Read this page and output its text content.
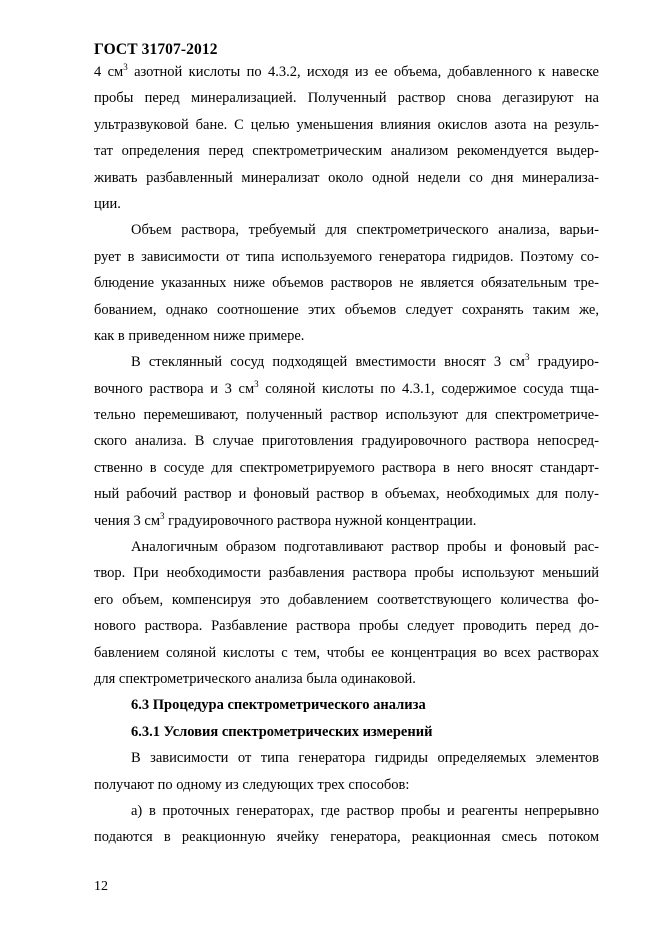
ГОСТ 31707-2012
4 $см^3$ азотной кислоты по 4.3.2, исходя из ее объема, добавленного к навеске
пробы перед минерализацией. Полученный раствор снова дегазируют на
ультразвуковой бане. С целью уменьшения влияния окислов азота на резуль-
тат определения перед спектрометрическим анализом рекомендуется выдер-
живать разбавленный минерализат около одной недели со дня минерализа-
ции.
Объем раствора, требуемый для спектрометрического анализа, варьи-
рует в зависимости от типа используемого генератора гидридов. Поэтому со-
блюдение указанных ниже объемов растворов не является обязательным тре-
бованием, однако соотношение этих объемов следует сохранять таким же,
как в приведенном ниже примере.
В стеклянный сосуд подходящей вместимости вносят 3 $см^3$ градуиро-
вочного раствора и 3 $см^3$ соляной кислоты по 4.3.1, содержимое сосуда тща-
тельно перемешивают, полученный раствор используют для спектрометриче-
ского анализа. В случае приготовления градуировочного раствора непосред-
ственно в сосуде для спектрометрируемого раствора в него вносят стандарт-
ный рабочий раствор и фоновый раствор в объемах, необходимых для полу-
чения 3 $см^3$ градуировочного раствора нужной концентрации.
Аналогичным образом подготавливают раствор пробы и фоновый рас-
твор. При необходимости разбавления раствора пробы используют меньший
его объем, компенсируя это добавлением соответствующего количества фо-
нового раствора. Разбавление раствора пробы следует проводить перед до-
бавлением соляной кислоты с тем, чтобы ее концентрация во всех растворах
для спектрометрического анализа была одинаковой.
6.3 Процедура спектрометрического анализа
6.3.1 Условия спектрометрических измерений
В зависимости от типа генератора гидриды определяемых элементов
получают по одному из следующих трех способов:
а) в проточных генераторах, где раствор пробы и реагенты непрерывно
подаются в реакционную ячейку генератора, реакционная смесь потоком
12
